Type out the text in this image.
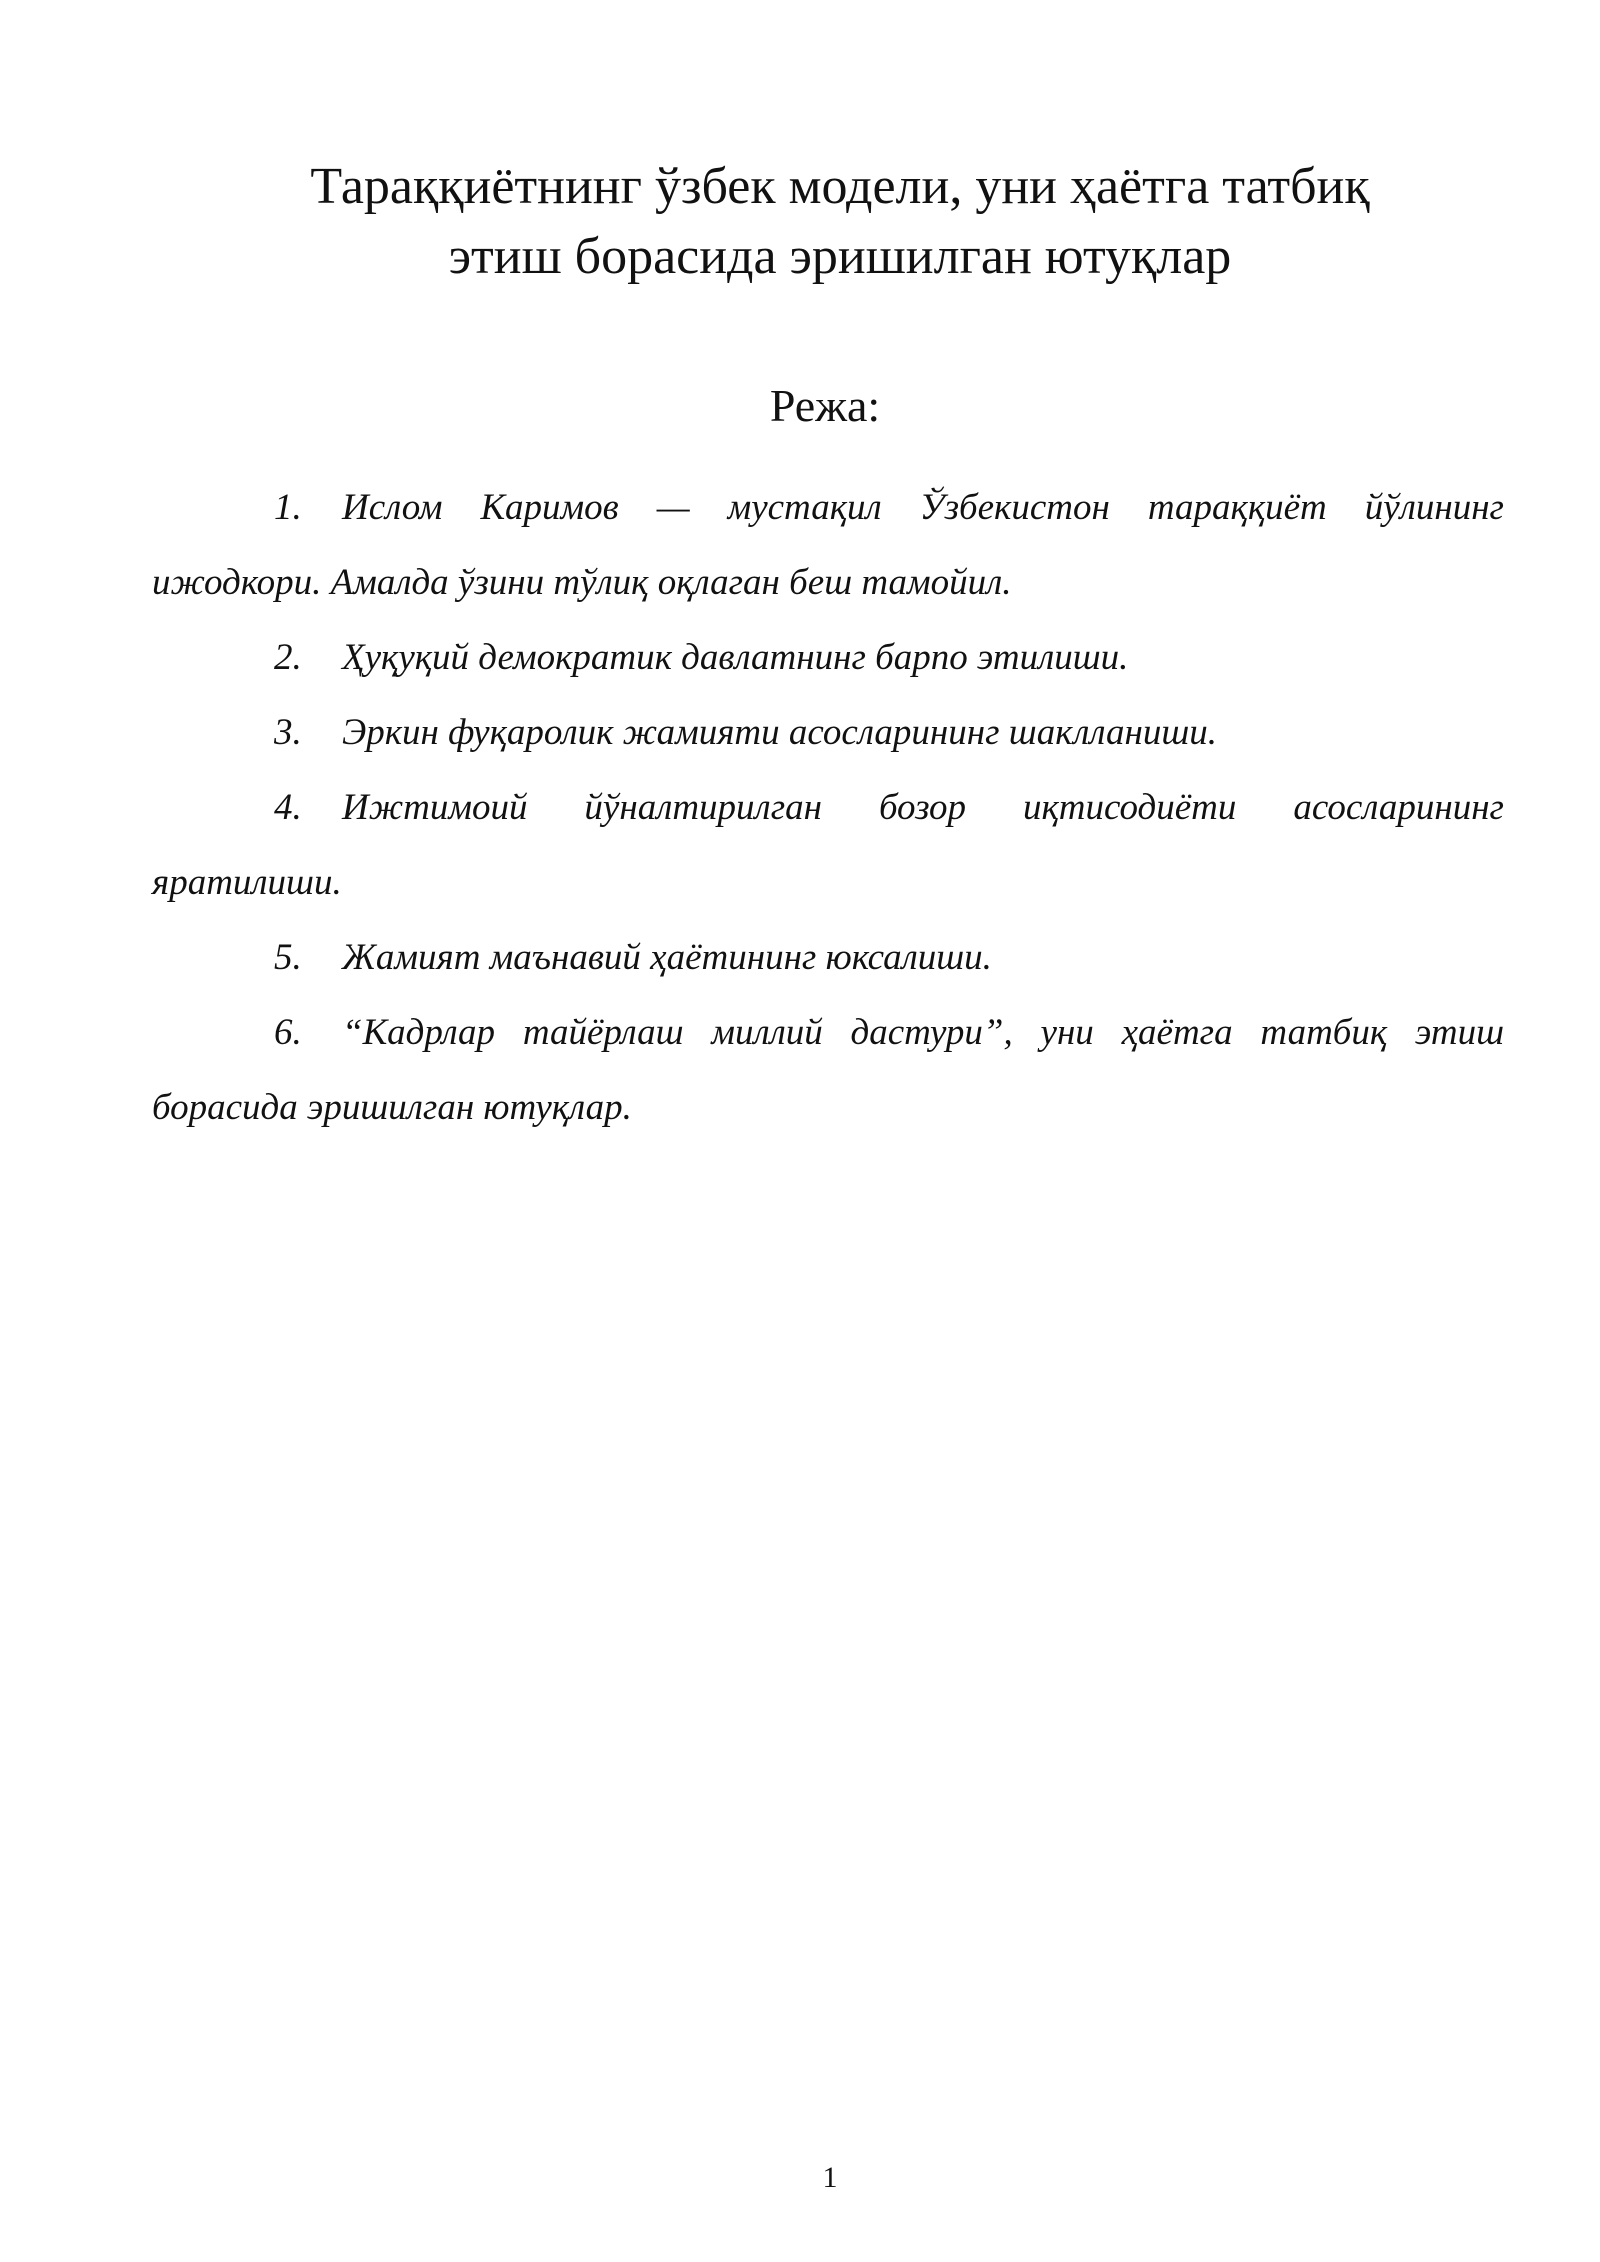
Тараққиётнинг ўзбек модели, уни ҳаётга татбиқ
этиш борасида эришилган ютуқлар
Режа:
1. Ислом Каримов — мустақил Ўзбекистон тараққиёт йўлининг ижодкори. Амалда ўзини тўлиқ оқлаган беш тамойил.
2. Ҳуқуқий демократик давлатнинг барпо этилиши.
3. Эркин фуқаролик жамияти асосларининг шаклланиши.
4. Ижтимоий йўналтирилган бозор иқтисодиёти асосларининг яратилиши.
5. Жамият маънавий ҳаётининг юксалиши.
6. “Кадрлар тайёрлаш миллий дастури”, уни ҳаётга татбиқ этиш борасида эришилган ютуқлар.
1
